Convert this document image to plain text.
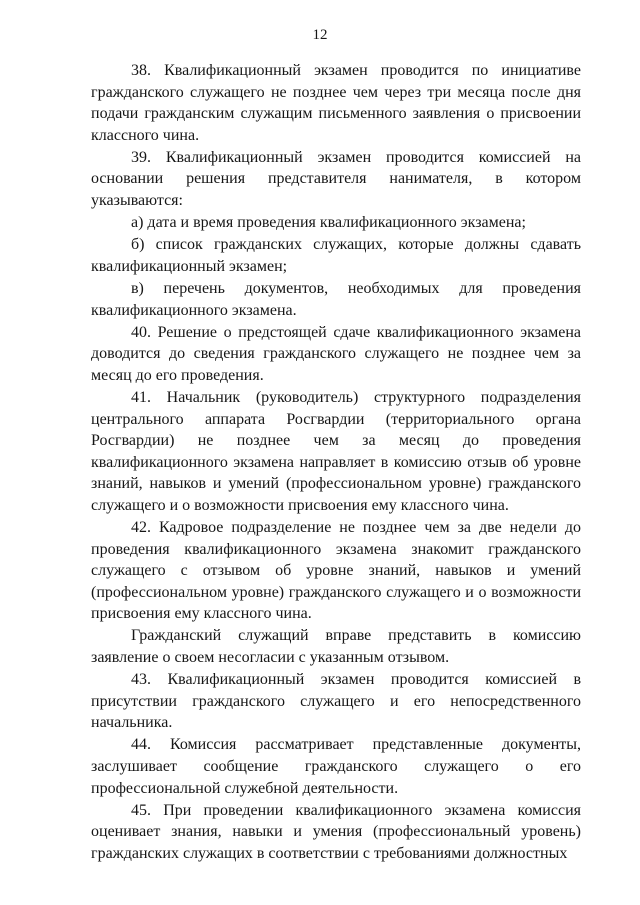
12

38. Квалификационный экзамен проводится по инициативе гражданского служащего не позднее чем через три месяца после дня подачи гражданским служащим письменного заявления о присвоении классного чина.

39. Квалификационный экзамен проводится комиссией на основании решения представителя нанимателя, в котором указываются:

а) дата и время проведения квалификационного экзамена;

б) список гражданских служащих, которые должны сдавать квалификационный экзамен;

в) перечень документов, необходимых для проведения квалификационного экзамена.

40. Решение о предстоящей сдаче квалификационного экзамена доводится до сведения гражданского служащего не позднее чем за месяц до его проведения.

41. Начальник (руководитель) структурного подразделения центрального аппарата Росгвардии (территориального органа Росгвардии) не позднее чем за месяц до проведения квалификационного экзамена направляет в комиссию отзыв об уровне знаний, навыков и умений (профессиональном уровне) гражданского служащего и о возможности присвоения ему классного чина.

42. Кадровое подразделение не позднее чем за две недели до проведения квалификационного экзамена знакомит гражданского служащего с отзывом об уровне знаний, навыков и умений (профессиональном уровне) гражданского служащего и о возможности присвоения ему классного чина.

Гражданский служащий вправе представить в комиссию заявление о своем несогласии с указанным отзывом.

43. Квалификационный экзамен проводится комиссией в присутствии гражданского служащего и его непосредственного начальника.

44. Комиссия рассматривает представленные документы, заслушивает сообщение гражданского служащего о его профессиональной служебной деятельности.

45. При проведении квалификационного экзамена комиссия оценивает знания, навыки и умения (профессиональный уровень) гражданских служащих в соответствии с требованиями должностных
